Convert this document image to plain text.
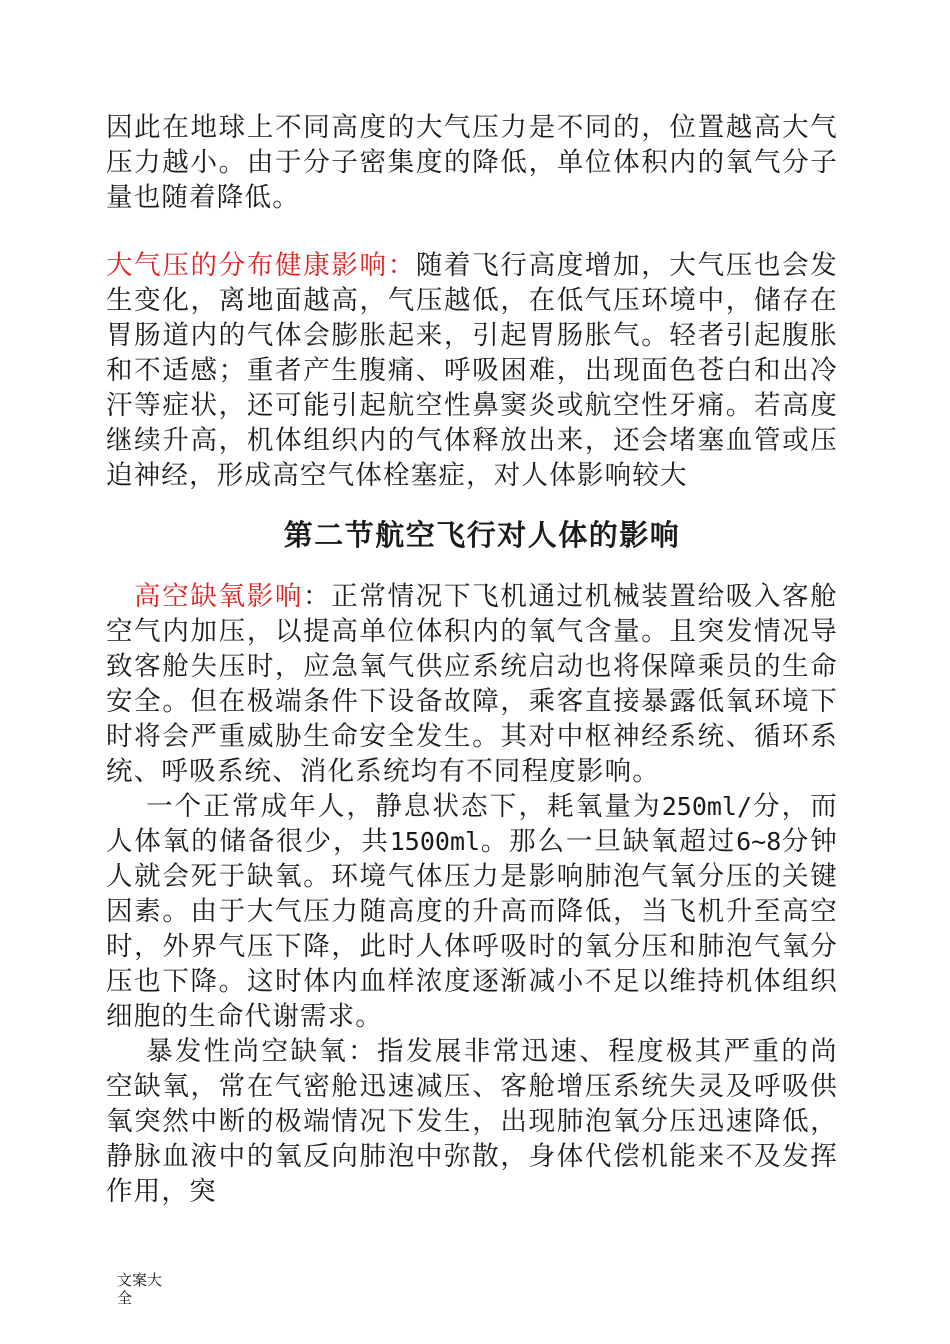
因此在地球上不同高度的大气压力是不同的，位置越高大气压力越小。由于分子密集度的降低，单位体积内的氧气分子量也随着降低。

大气压的分布健康影响：随着飞行高度增加，大气压也会发生变化，离地面越高，气压越低，在低气压环境中，储存在胃肠道内的气体会膨胀起来，引起胃肠胀气。轻者引起腹胀和不适感；重者产生腹痛、呼吸困难，出现面色苍白和出冷汗等症状，还可能引起航空性鼻窦炎或航空性牙痛。若高度继续升高，机体组织内的气体释放出来，还会堵塞血管或压迫神经，形成高空气体栓塞症，对人体影响较大

第二节航空飞行对人体的影响

高空缺氧影响：正常情况下飞机通过机械装置给吸入客舱空气内加压，以提高单位体积内的氧气含量。且突发情况导致客舱失压时，应急氧气供应系统启动也将保障乘员的生命安全。但在极端条件下设备故障，乘客直接暴露低氧环境下时将会严重威胁生命安全发生。其对中枢神经系统、循环系统、呼吸系统、消化系统均有不同程度影响。

一个正常成年人，静息状态下，耗氧量为250ml/分，而人体氧的储备很少，共1500ml。那么一旦缺氧超过6~8分钟人就会死于缺氧。环境气体压力是影响肺泡气氧分压的关键因素。由于大气压力随高度的升高而降低，当飞机升至高空时，外界气压下降，此时人体呼吸时的氧分压和肺泡气氧分压也下降。这时体内血样浓度逐渐减小不足以维持机体组织细胞的生命代谢需求。

暴发性尚空缺氧：指发展非常迅速、程度极其严重的尚空缺氧，常在气密舱迅速减压、客舱增压系统失灵及呼吸供氧突然中断的极端情况下发生，出现肺泡氧分压迅速降低，静脉血液中的氧反向肺泡中弥散，身体代偿机能来不及发挥作用，突

文案大
全
